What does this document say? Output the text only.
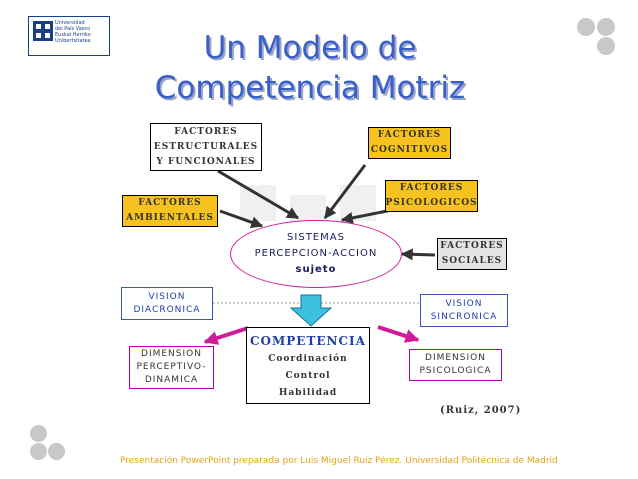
Universidad
del País Vasco
Euskal Herriko
Unibertsitatea	Un Modelo de
Competencia Motriz
FACTORES
ESTRUCTURALES
Y FUNCIONALES
FACTORES
COGNITIVOS
FACTORES
PSICOLOGICOS
FACTORES
AMBIENTALES
FACTORES
SOCIALES
SISTEMAS
PERCEPCION-ACCION
sujeto
VISION
DIACRONICA
VISION
SINCRONICA
COMPETENCIA
Coordinación
Control
Habilidad
DIMENSION
PERCEPTIVO-
DINAMICA
DIMENSION
PSICOLOGICA
(Ruiz, 2007)
Presentación PowerPoint preparada por Luis Miguel Ruiz Pérez. Universidad Politécnica de Madrid
